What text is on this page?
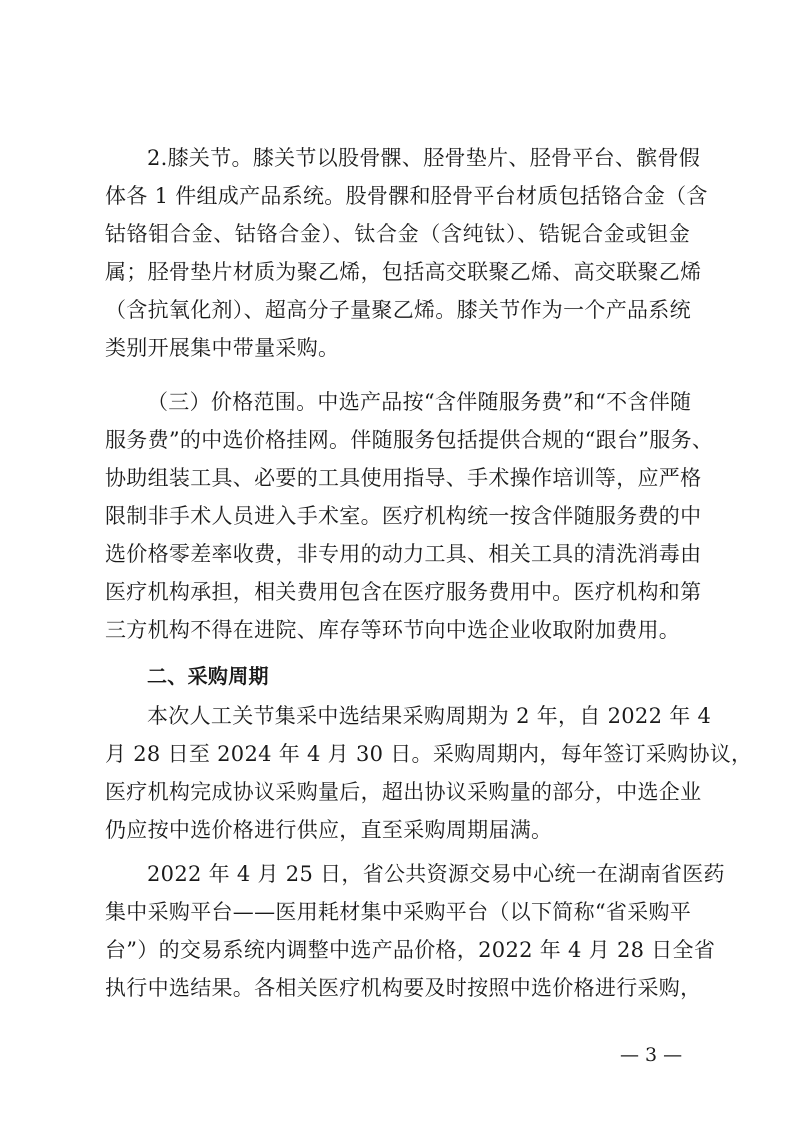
2.膝关节。膝关节以股骨髁、胫骨垫片、胫骨平台、髌骨假
体各 1 件组成产品系统。股骨髁和胫骨平台材质包括铬合金（含
钴铬钼合金、钴铬合金）、钛合金（含纯钛）、锆铌合金或钽金
属；胫骨垫片材质为聚乙烯，包括高交联聚乙烯、高交联聚乙烯
（含抗氧化剂）、超高分子量聚乙烯。膝关节作为一个产品系统
类别开展集中带量采购。
（三）价格范围。中选产品按“含伴随服务费”和“不含伴随
服务费”的中选价格挂网。伴随服务包括提供合规的“跟台”服务、
协助组装工具、必要的工具使用指导、手术操作培训等，应严格
限制非手术人员进入手术室。医疗机构统一按含伴随服务费的中
选价格零差率收费，非专用的动力工具、相关工具的清洗消毒由
医疗机构承担，相关费用包含在医疗服务费用中。医疗机构和第
三方机构不得在进院、库存等环节向中选企业收取附加费用。
二、采购周期
本次人工关节集采中选结果采购周期为 2 年，自 2022 年 4
月 28 日至 2024 年 4 月 30 日。采购周期内，每年签订采购协议，
医疗机构完成协议采购量后，超出协议采购量的部分，中选企业
仍应按中选价格进行供应，直至采购周期届满。
2022 年 4 月 25 日，省公共资源交易中心统一在湖南省医药
集中采购平台——医用耗材集中采购平台（以下简称“省采购平
台”）的交易系统内调整中选产品价格，2022 年 4 月 28 日全省
执行中选结果。各相关医疗机构要及时按照中选价格进行采购，
— 3 —
